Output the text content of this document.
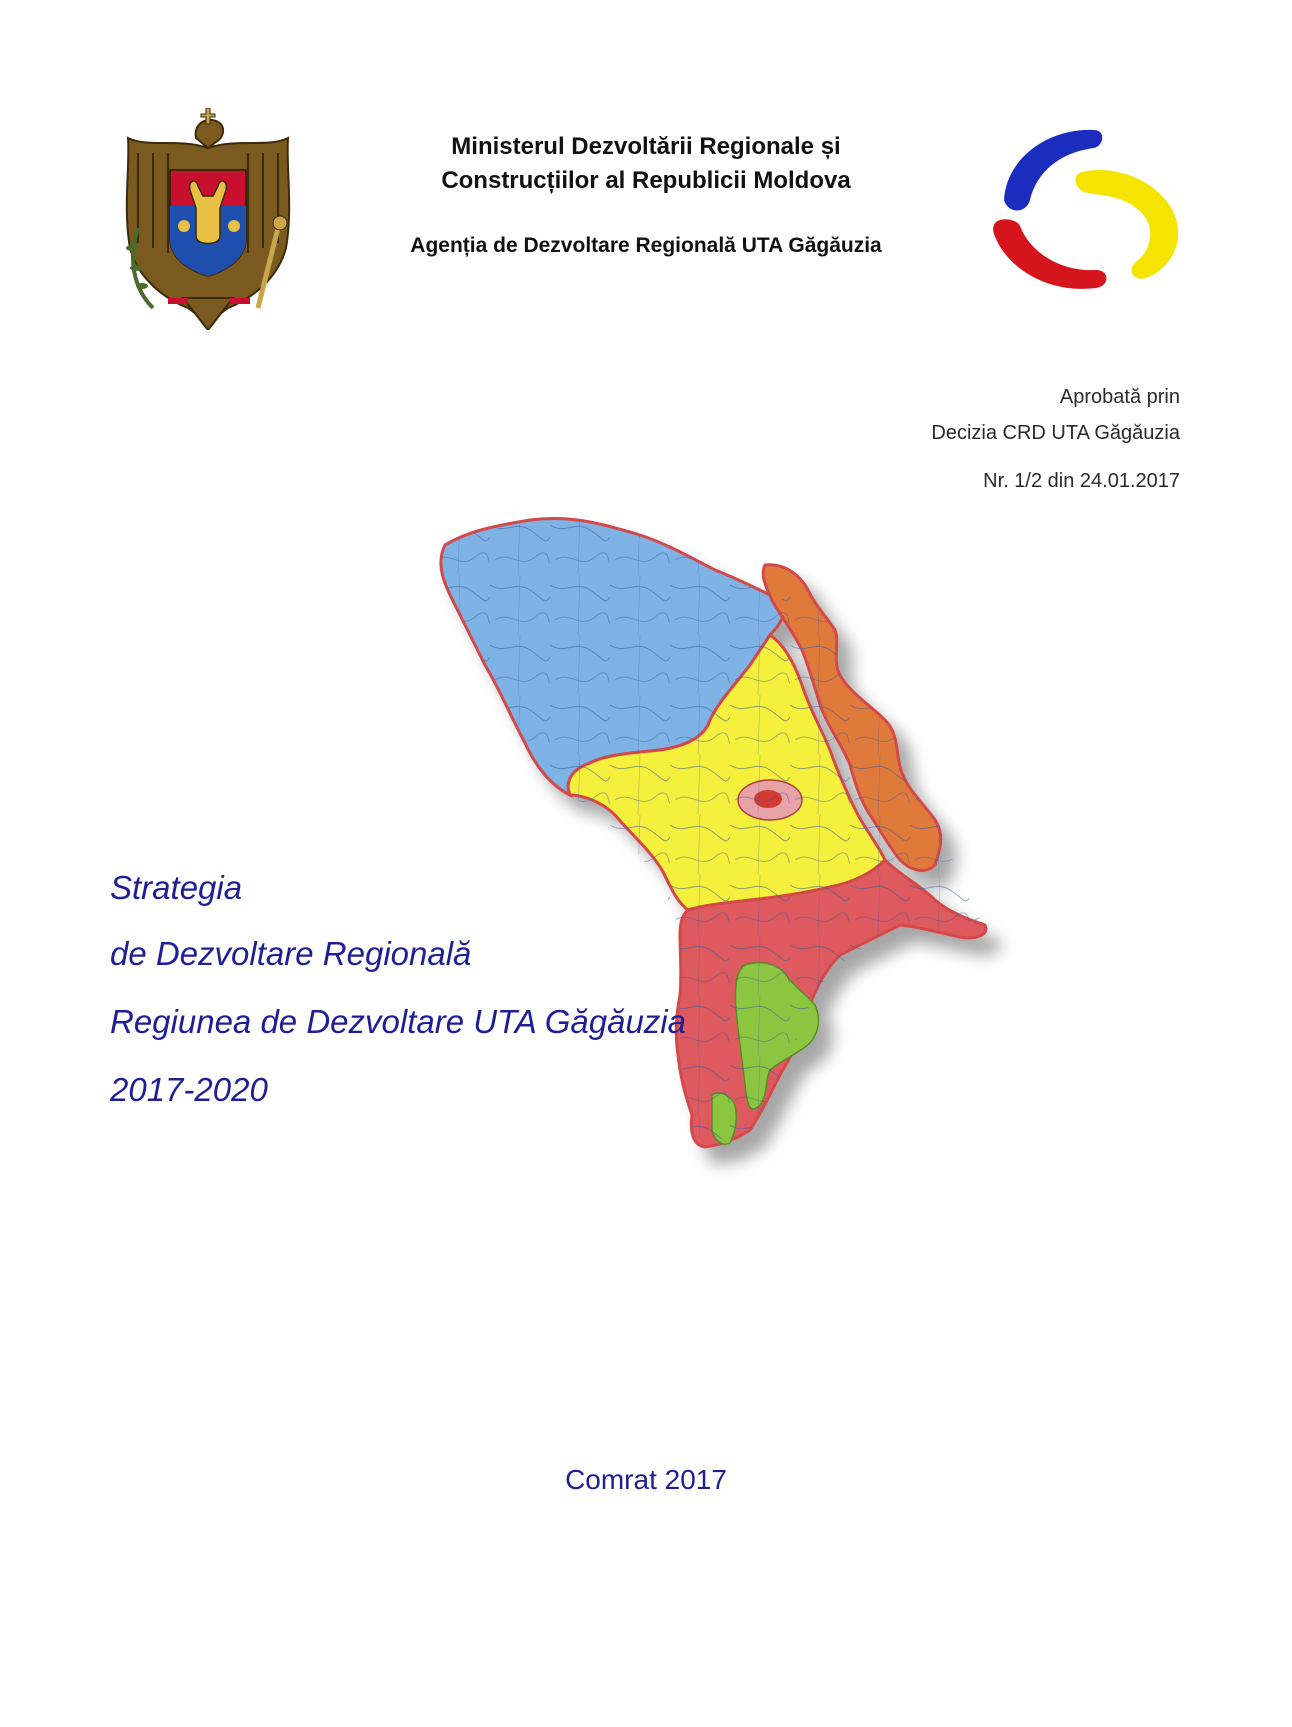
Ministerul Dezvoltării Regionale și
Construcțiilor al Republicii Moldova
Agenția de Dezvoltare Regională UTA Găgăuzia
Aprobată prin
Decizia CRD UTA Găgăuzia
Nr. 1/2 din 24.01.2017
Strategia
de Dezvoltare Regională
Regiunea de Dezvoltare UTA Găgăuzia
2017-2020
Comrat 2017
